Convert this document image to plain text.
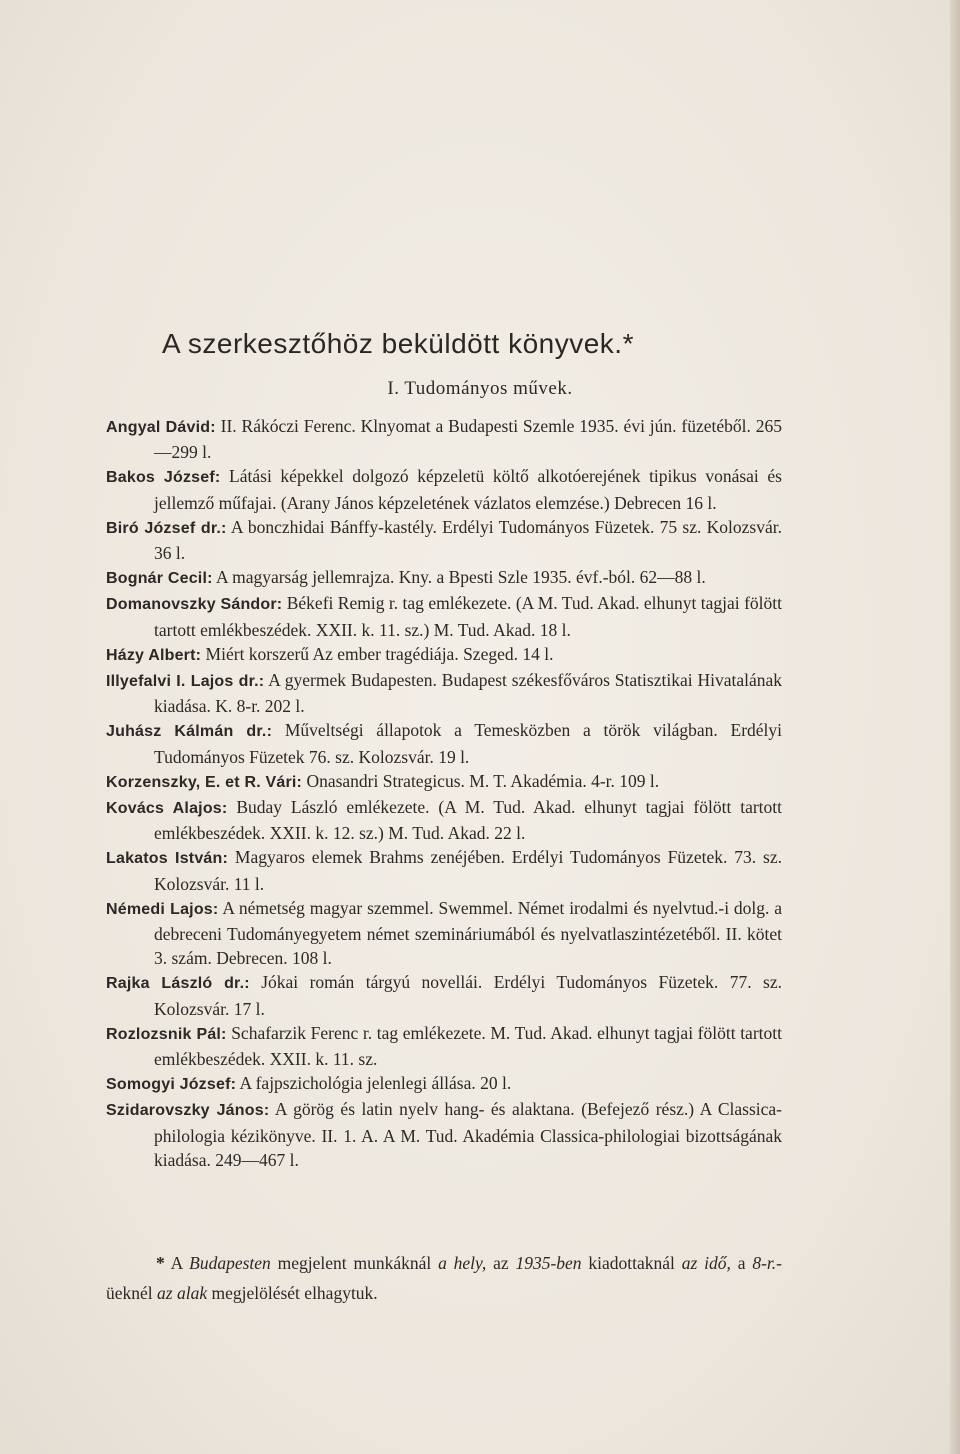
A szerkesztőhöz beküldött könyvek.*
I. Tudományos művek.

Angyal Dávid: II. Rákóczi Ferenc. Klnyomat a Budapesti Szemle 1935. évi jún. füzetéből. 265—299 l.

Bakos József: Látási képekkel dolgozó képzeletü költő alkotóerejének tipikus vonásai és jellemző műfajai. (Arany János képzeletének vázlatos elemzése.) Debrecen 16 l.

Biró József dr.: A bonczhidai Bánffy-kastély. Erdélyi Tudományos Füzetek. 75 sz. Kolozsvár. 36 l.

Bognár Cecil: A magyarság jellemrajza. Kny. a Bpesti Szle 1935. évf.-ból. 62—88 l.

Domanovszky Sándor: Békefi Remig r. tag emlékezete. (A M. Tud. Akad. elhunyt tagjai fölött tartott emlékbeszédek. XXII. k. 11. sz.) M. Tud. Akad. 18 l.

Házy Albert: Miért korszerű Az ember tragédiája. Szeged. 14 l.

Illyefalvi I. Lajos dr.: A gyermek Budapesten. Budapest székesfőváros Statisztikai Hivatalának kiadása. K. 8-r. 202 l.

Juhász Kálmán dr.: Műveltségi állapotok a Temesközben a török világban. Erdélyi Tudományos Füzetek 76. sz. Kolozsvár. 19 l.

Korzenszky, E. et R. Vári: Onasandri Strategicus. M. T. Akadémia. 4-r. 109 l.

Kovács Alajos: Buday László emlékezete. (A M. Tud. Akad. elhunyt tagjai fölött tartott emlékbeszédek. XXII. k. 12. sz.) M. Tud. Akad. 22 l.

Lakatos István: Magyaros elemek Brahms zenéjében. Erdélyi Tudományos Füzetek. 73. sz. Kolozsvár. 11 l.

Némedi Lajos: A németség magyar szemmel. Swemmel. Német irodalmi és nyelvtud.-i dolg. a debreceni Tudományegyetem német szemináriumából és nyelvatlaszintézetéből. II. kötet 3. szám. Debrecen. 108 l.

Rajka László dr.: Jókai román tárgyú novellái. Erdélyi Tudományos Füzetek. 77. sz. Kolozsvár. 17 l.

Rozlozsnik Pál: Schafarzik Ferenc r. tag emlékezete. M. Tud. Akad. elhunyt tagjai fölött tartott emlékbeszédek. XXII. k. 11. sz.

Somogyi József: A fajpszichológia jelenlegi állása. 20 l.

Szidarovszky János: A görög és latin nyelv hang- és alaktana. (Befejező rész.) A Classica-philologia kézikönyve. II. 1. A. A M. Tud. Akadémia Classica-philologiai bizottságának kiadása. 249—467 l.

* A Budapesten megjelent munkáknál a hely, az 1935-ben kiadottaknál az idő, a 8-r.-üeknél az alak megjelölését elhagytuk.
